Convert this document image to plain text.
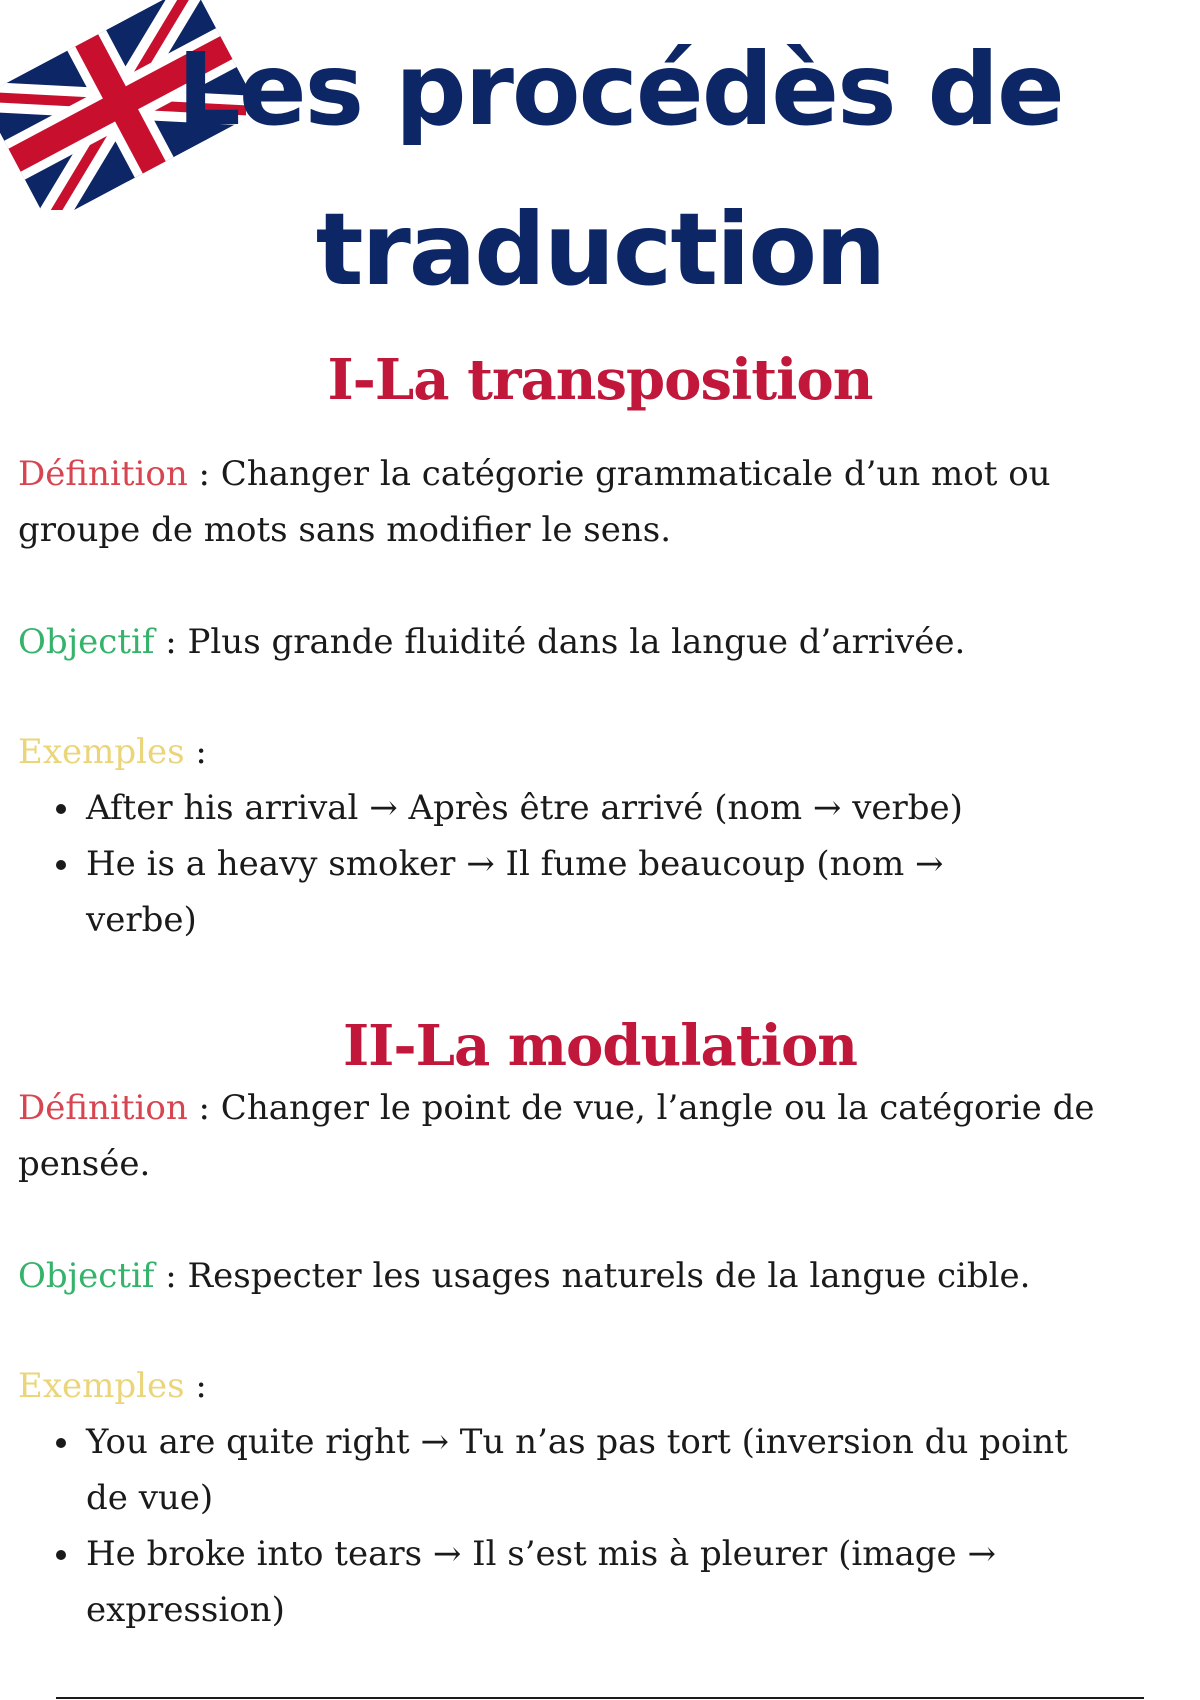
Les procédès de
traduction
I-La transposition

Définition : Changer la catégorie grammaticale d’un mot ou groupe de mots sans modifier le sens.

Objectif : Plus grande fluidité dans la langue d’arrivée.

Exemples :

After his arrival → Après être arrivé (nom → verbe)
He is a heavy smoker → Il fume beaucoup (nom → verbe)
II-La modulation

Définition : Changer le point de vue, l’angle ou la catégorie de pensée.

Objectif : Respecter les usages naturels de la langue cible.

Exemples :

You are quite right → Tu n’as pas tort (inversion du point de vue)
He broke into tears → Il s’est mis à pleurer (image → expression)
